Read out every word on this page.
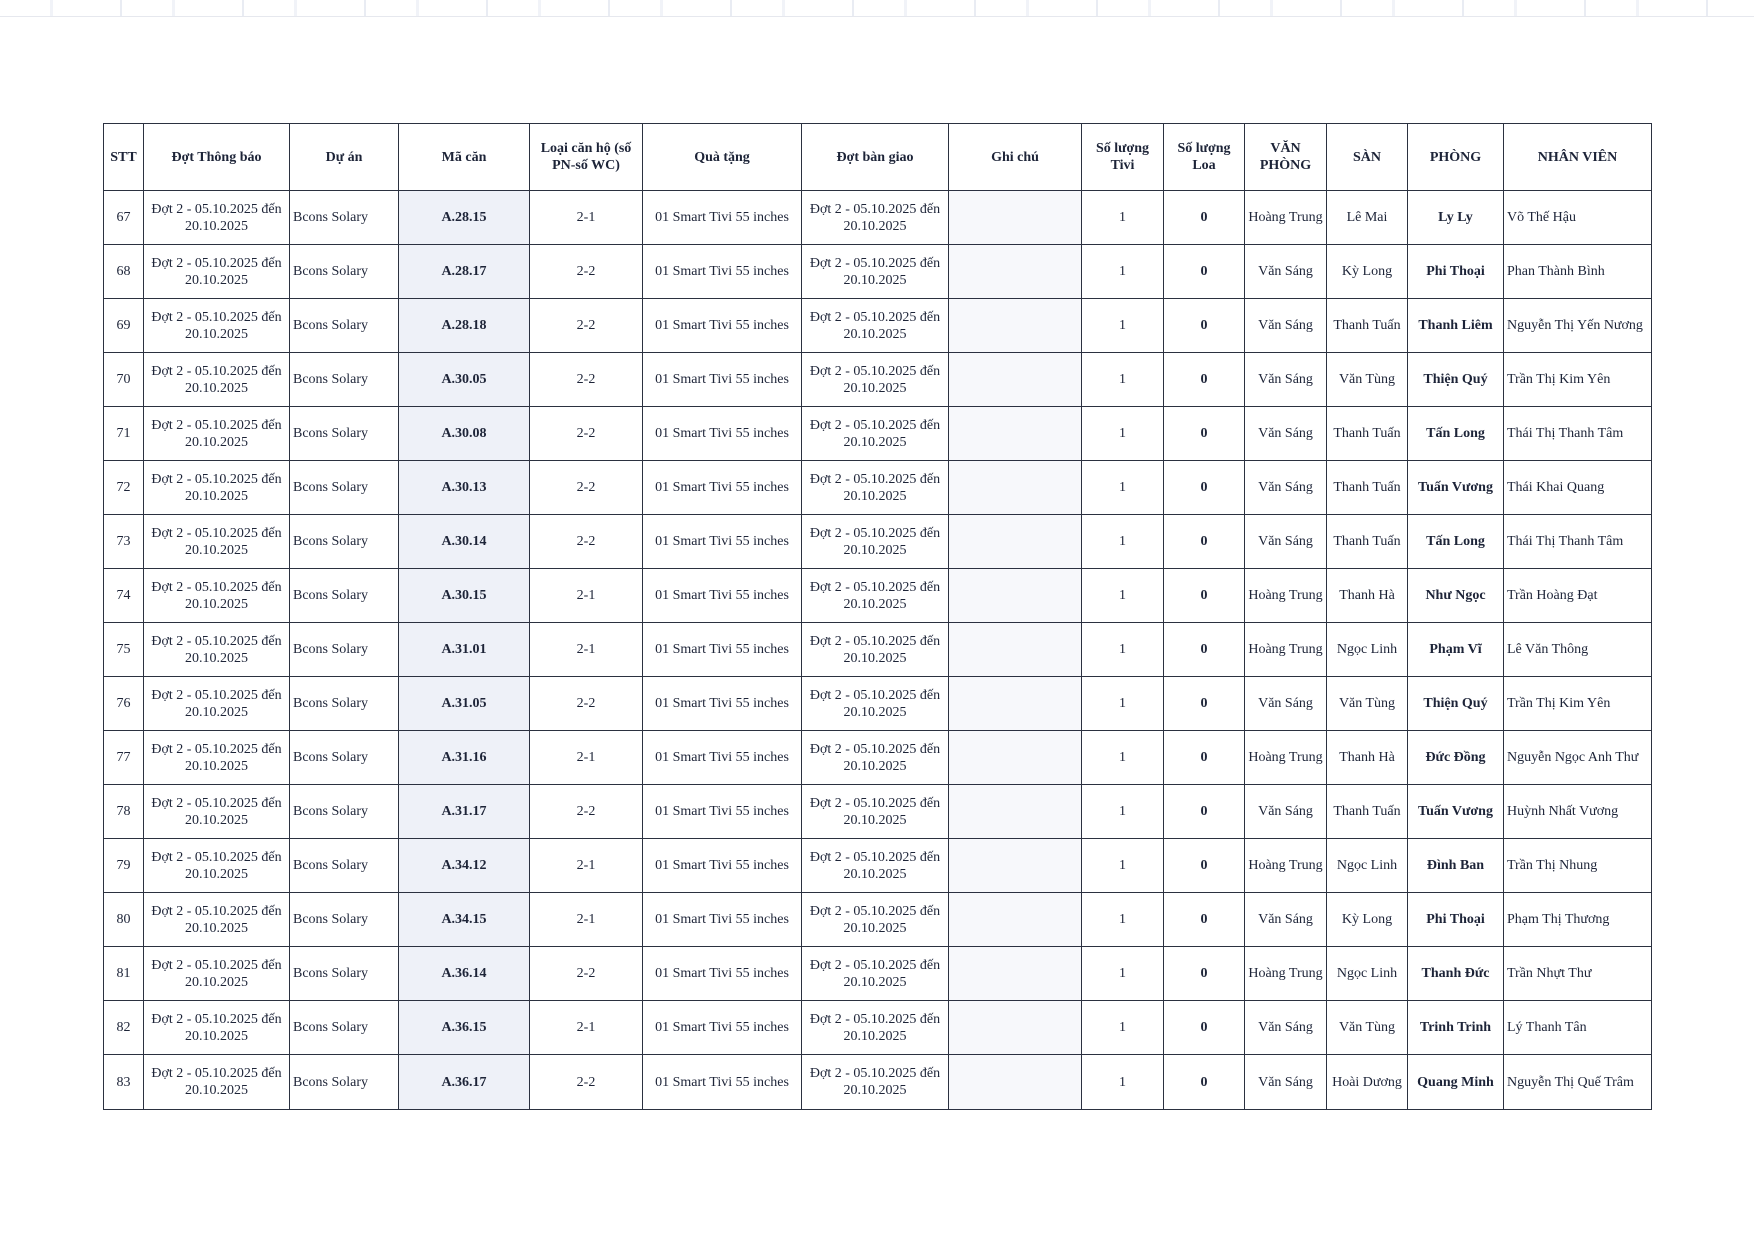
STT	Đợt Thông báo	Dự án	Mã căn	Loại căn hộ (số PN-số WC)	Quà tặng	Đợt bàn giao	Ghi chú	Số lượng Tivi	Số lượng Loa	VĂN PHÒNG	SÀN	PHÒNG	NHÂN VIÊN
67	Đợt 2 - 05.10.2025 đến 20.10.2025	Bcons Solary	A.28.15	2-1	01 Smart Tivi 55 inches	Đợt 2 - 05.10.2025 đến 20.10.2025		1	0	Hoàng Trung	Lê Mai	Ly Ly	Võ Thế Hậu
68	Đợt 2 - 05.10.2025 đến 20.10.2025	Bcons Solary	A.28.17	2-2	01 Smart Tivi 55 inches	Đợt 2 - 05.10.2025 đến 20.10.2025		1	0	Văn Sáng	Kỳ Long	Phi Thoại	Phan Thành Bình
69	Đợt 2 - 05.10.2025 đến 20.10.2025	Bcons Solary	A.28.18	2-2	01 Smart Tivi 55 inches	Đợt 2 - 05.10.2025 đến 20.10.2025		1	0	Văn Sáng	Thanh Tuấn	Thanh Liêm	Nguyễn Thị Yến Nương
70	Đợt 2 - 05.10.2025 đến 20.10.2025	Bcons Solary	A.30.05	2-2	01 Smart Tivi 55 inches	Đợt 2 - 05.10.2025 đến 20.10.2025		1	0	Văn Sáng	Văn Tùng	Thiện Quý	Trần Thị Kim Yên
71	Đợt 2 - 05.10.2025 đến 20.10.2025	Bcons Solary	A.30.08	2-2	01 Smart Tivi 55 inches	Đợt 2 - 05.10.2025 đến 20.10.2025		1	0	Văn Sáng	Thanh Tuấn	Tấn Long	Thái Thị Thanh Tâm
72	Đợt 2 - 05.10.2025 đến 20.10.2025	Bcons Solary	A.30.13	2-2	01 Smart Tivi 55 inches	Đợt 2 - 05.10.2025 đến 20.10.2025		1	0	Văn Sáng	Thanh Tuấn	Tuấn Vương	Thái Khai Quang
73	Đợt 2 - 05.10.2025 đến 20.10.2025	Bcons Solary	A.30.14	2-2	01 Smart Tivi 55 inches	Đợt 2 - 05.10.2025 đến 20.10.2025		1	0	Văn Sáng	Thanh Tuấn	Tấn Long	Thái Thị Thanh Tâm
74	Đợt 2 - 05.10.2025 đến 20.10.2025	Bcons Solary	A.30.15	2-1	01 Smart Tivi 55 inches	Đợt 2 - 05.10.2025 đến 20.10.2025		1	0	Hoàng Trung	Thanh Hà	Như Ngọc	Trần Hoàng Đạt
75	Đợt 2 - 05.10.2025 đến 20.10.2025	Bcons Solary	A.31.01	2-1	01 Smart Tivi 55 inches	Đợt 2 - 05.10.2025 đến 20.10.2025		1	0	Hoàng Trung	Ngọc Linh	Phạm Vĩ	Lê Văn Thông
76	Đợt 2 - 05.10.2025 đến 20.10.2025	Bcons Solary	A.31.05	2-2	01 Smart Tivi 55 inches	Đợt 2 - 05.10.2025 đến 20.10.2025		1	0	Văn Sáng	Văn Tùng	Thiện Quý	Trần Thị Kim Yên
77	Đợt 2 - 05.10.2025 đến 20.10.2025	Bcons Solary	A.31.16	2-1	01 Smart Tivi 55 inches	Đợt 2 - 05.10.2025 đến 20.10.2025		1	0	Hoàng Trung	Thanh Hà	Đức Đồng	Nguyễn Ngọc Anh Thư
78	Đợt 2 - 05.10.2025 đến 20.10.2025	Bcons Solary	A.31.17	2-2	01 Smart Tivi 55 inches	Đợt 2 - 05.10.2025 đến 20.10.2025		1	0	Văn Sáng	Thanh Tuấn	Tuấn Vương	Huỳnh Nhất Vương
79	Đợt 2 - 05.10.2025 đến 20.10.2025	Bcons Solary	A.34.12	2-1	01 Smart Tivi 55 inches	Đợt 2 - 05.10.2025 đến 20.10.2025		1	0	Hoàng Trung	Ngọc Linh	Đình Ban	Trần Thị Nhung
80	Đợt 2 - 05.10.2025 đến 20.10.2025	Bcons Solary	A.34.15	2-1	01 Smart Tivi 55 inches	Đợt 2 - 05.10.2025 đến 20.10.2025		1	0	Văn Sáng	Kỳ Long	Phi Thoại	Phạm Thị Thương
81	Đợt 2 - 05.10.2025 đến 20.10.2025	Bcons Solary	A.36.14	2-2	01 Smart Tivi 55 inches	Đợt 2 - 05.10.2025 đến 20.10.2025		1	0	Hoàng Trung	Ngọc Linh	Thanh Đức	Trần Nhựt Thư
82	Đợt 2 - 05.10.2025 đến 20.10.2025	Bcons Solary	A.36.15	2-1	01 Smart Tivi 55 inches	Đợt 2 - 05.10.2025 đến 20.10.2025		1	0	Văn Sáng	Văn Tùng	Trinh Trinh	Lý Thanh Tân
83	Đợt 2 - 05.10.2025 đến 20.10.2025	Bcons Solary	A.36.17	2-2	01 Smart Tivi 55 inches	Đợt 2 - 05.10.2025 đến 20.10.2025		1	0	Văn Sáng	Hoài Dương	Quang Minh	Nguyễn Thị Quế Trâm
